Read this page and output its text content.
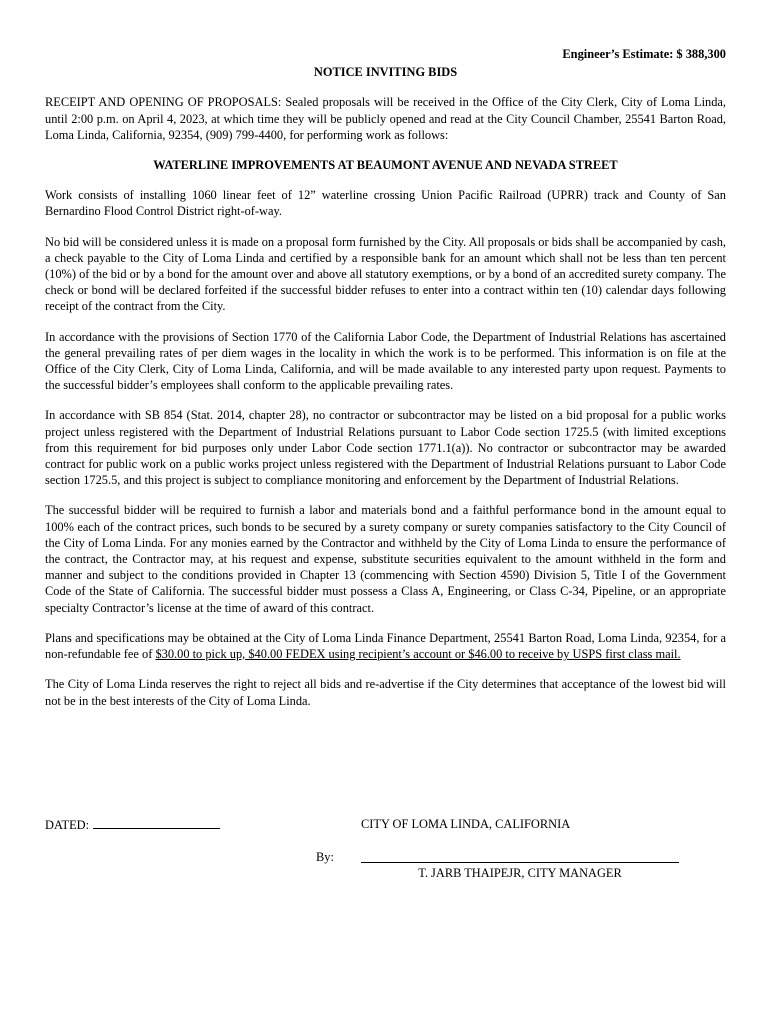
Engineer’s Estimate: $ 388,300

NOTICE INVITING BIDS

RECEIPT AND OPENING OF PROPOSALS: Sealed proposals will be received in the Office of the City Clerk, City of Loma Linda, until 2:00 p.m. on April 4, 2023, at which time they will be publicly opened and read at the City Council Chamber, 25541 Barton Road, Loma Linda, California, 92354, (909) 799-4400, for performing work as follows:

WATERLINE IMPROVEMENTS AT BEAUMONT AVENUE AND NEVADA STREET

Work consists of installing 1060 linear feet of 12” waterline crossing Union Pacific Railroad (UPRR) track and County of San Bernardino Flood Control District right-of-way.

No bid will be considered unless it is made on a proposal form furnished by the City. All proposals or bids shall be accompanied by cash, a check payable to the City of Loma Linda and certified by a responsible bank for an amount which shall not be less than ten percent (10%) of the bid or by a bond for the amount over and above all statutory exemptions, or by a bond of an accredited surety company. The check or bond will be declared forfeited if the successful bidder refuses to enter into a contract within ten (10) calendar days following receipt of the contract from the City.

In accordance with the provisions of Section 1770 of the California Labor Code, the Department of Industrial Relations has ascertained the general prevailing rates of per diem wages in the locality in which the work is to be performed. This information is on file at the Office of the City Clerk, City of Loma Linda, California, and will be made available to any interested party upon request. Payments to the successful bidder’s employees shall conform to the applicable prevailing rates.

In accordance with SB 854 (Stat. 2014, chapter 28), no contractor or subcontractor may be listed on a bid proposal for a public works project unless registered with the Department of Industrial Relations pursuant to Labor Code section 1725.5 (with limited exceptions from this requirement for bid purposes only under Labor Code section 1771.1(a)). No contractor or subcontractor may be awarded contract for public work on a public works project unless registered with the Department of Industrial Relations pursuant to Labor Code section 1725.5, and this project is subject to compliance monitoring and enforcement by the Department of Industrial Relations.

The successful bidder will be required to furnish a labor and materials bond and a faithful performance bond in the amount equal to 100% each of the contract prices, such bonds to be secured by a surety company or surety companies satisfactory to the City Council of the City of Loma Linda. For any monies earned by the Contractor and withheld by the City of Loma Linda to ensure the performance of the contract, the Contractor may, at his request and expense, substitute securities equivalent to the amount withheld in the form and manner and subject to the conditions provided in Chapter 13 (commencing with Section 4590) Division 5, Title I of the Government Code of the State of California. The successful bidder must possess a Class A, Engineering, or Class C-34, Pipeline, or an appropriate specialty Contractor’s license at the time of award of this contract.

Plans and specifications may be obtained at the City of Loma Linda Finance Department, 25541 Barton Road, Loma Linda, 92354, for a non-refundable fee of $30.00 to pick up, $40.00 FEDEX using recipient’s account or $46.00 to receive by USPS first class mail.

The City of Loma Linda reserves the right to reject all bids and re-advertise if the City determines that acceptance of the lowest bid will not be in the best interests of the City of Loma Linda.

DATED:	CITY OF LOMA LINDA, CALIFORNIA
By:
T. JARB THAIPEJR, CITY MANAGER
